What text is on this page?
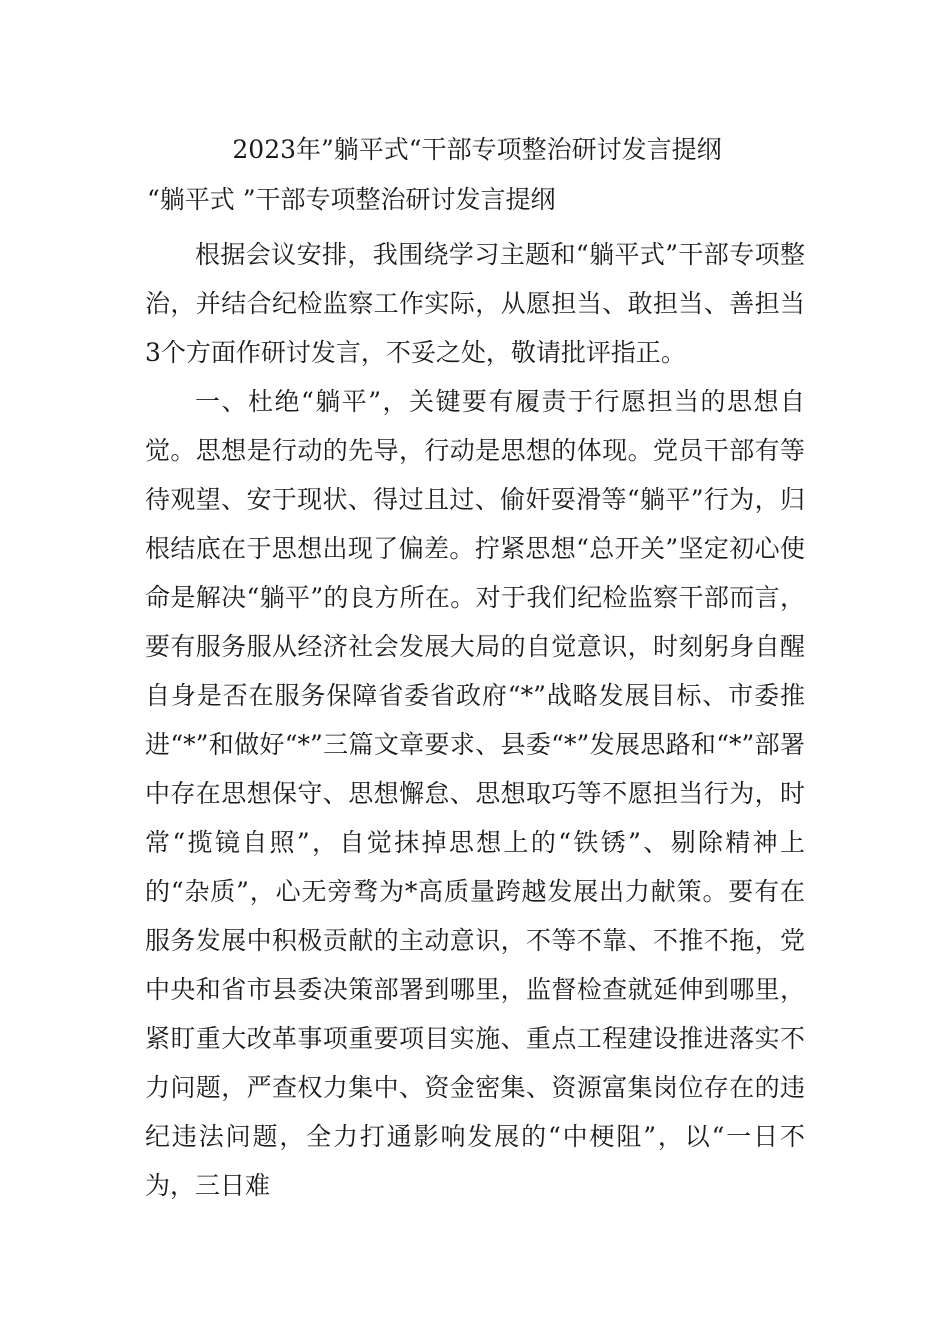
2023年”躺平式“干部专项整治研讨发言提纲
“躺平式 ”干部专项整治研讨发言提纲

根据会议安排，我围绕学习主题和“躺平式”干部专项整治，并结合纪检监察工作实际，从愿担当、敢担当、善担当3个方面作研讨发言，不妥之处，敬请批评指正。

一、杜绝“躺平”，关键要有履责于行愿担当的思想自觉。思想是行动的先导，行动是思想的体现。党员干部有等待观望、安于现状、得过且过、偷奸耍滑等“躺平”行为，归根结底在于思想出现了偏差。拧紧思想“总开关”坚定初心使命是解决“躺平”的良方所在。对于我们纪检监察干部而言，要有服务服从经济社会发展大局的自觉意识，时刻躬身自醒自身是否在服务保障省委省政府“*”战略发展目标、市委推进“*”和做好“*”三篇文章要求、县委“*”发展思路和“*”部署中存在思想保守、思想懈怠、思想取巧等不愿担当行为，时常“揽镜自照”，自觉抹掉思想上的“铁锈”、剔除精神上的“杂质”，心无旁骛为*高质量跨越发展出力献策。要有在服务发展中积极贡献的主动意识，不等不靠、不推不拖，党中央和省市县委决策部署到哪里，监督检查就延伸到哪里，紧盯重大改革事项重要项目实施、重点工程建设推进落实不力问题，严查权力集中、资金密集、资源富集岗位存在的违纪违法问题，全力打通影响发展的“中梗阻”，以“一日不为，三日难
